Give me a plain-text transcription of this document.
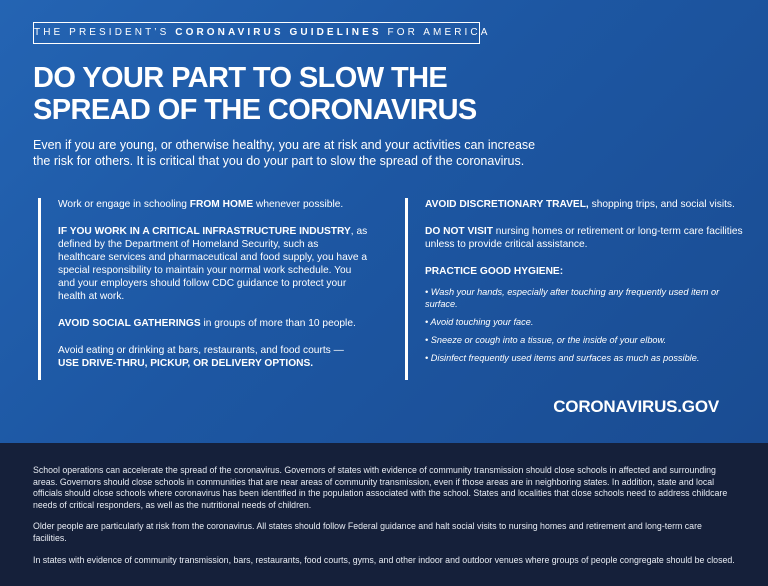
THE PRESIDENT’S CORONAVIRUS GUIDELINES FOR AMERICA
DO YOUR PART TO SLOW THE
SPREAD OF THE CORONAVIRUS

Even if you are young, or otherwise healthy, you are at risk and your activities can increase the risk for others. It is critical that you do your part to slow the spread of the coronavirus.

Work or engage in schooling FROM HOME whenever possible.

IF YOU WORK IN A CRITICAL INFRASTRUCTURE INDUSTRY, as defined by the Department of Homeland Security, such as healthcare services and pharmaceutical and food supply, you have a special responsibility to maintain your normal work schedule. You and your employers should follow CDC guidance to protect your health at work.

AVOID SOCIAL GATHERINGS in groups of more than 10 people.

Avoid eating or drinking at bars, restaurants, and food courts —
USE DRIVE-THRU, PICKUP, OR DELIVERY OPTIONS.

AVOID DISCRETIONARY TRAVEL, shopping trips, and social visits.

DO NOT VISIT nursing homes or retirement or long-term care facilities unless to provide critical assistance.

PRACTICE GOOD HYGIENE:

• Wash your hands, especially after touching any frequently used item or surface.
• Avoid touching your face.
• Sneeze or cough into a tissue, or the inside of your elbow.
• Disinfect frequently used items and surfaces as much as possible.
CORONAVIRUS.GOV

School operations can accelerate the spread of the coronavirus. Governors of states with evidence of community transmission should close schools in affected and surrounding areas. Governors should close schools in communities that are near areas of community transmission, even if those areas are in neighboring states. In addition, state and local officials should close schools where coronavirus has been identified in the population associated with the school. States and localities that close schools need to address childcare needs of critical responders, as well as the nutritional needs of children.

Older people are particularly at risk from the coronavirus. All states should follow Federal guidance and halt social visits to nursing homes and retirement and long-term care facilities.

In states with evidence of community transmission, bars, restaurants, food courts, gyms, and other indoor and outdoor venues where groups of people congregate should be closed.
